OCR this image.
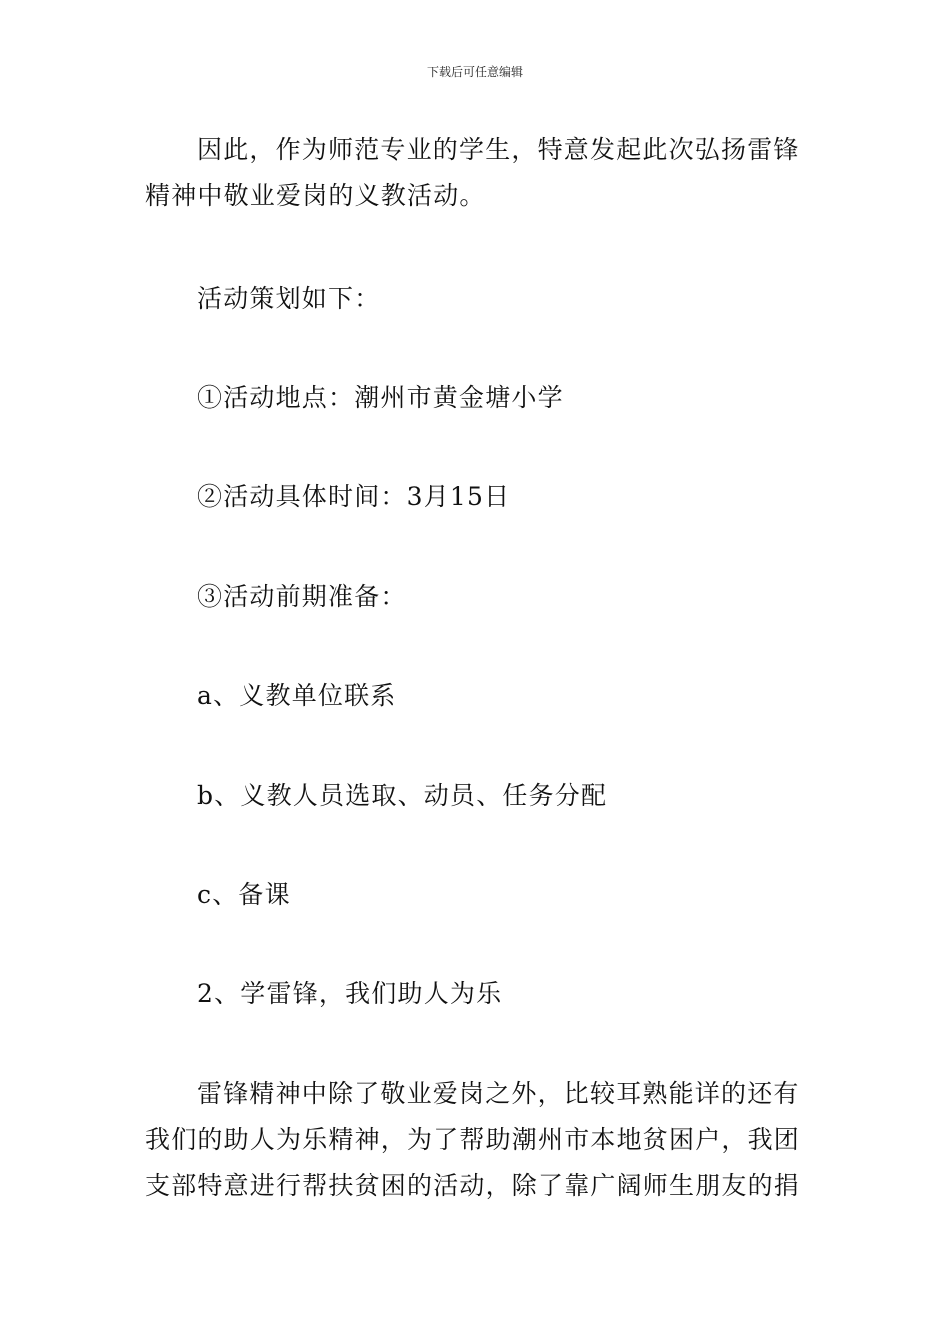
下载后可任意编辑

因此，作为师范专业的学生，特意发起此次弘扬雷锋精神中敬业爱岗的义教活动。

活动策划如下：

①活动地点：潮州市黄金塘小学

②活动具体时间：3月15日

③活动前期准备：

a、义教单位联系

b、义教人员选取、动员、任务分配

c、备课

2、学雷锋，我们助人为乐

雷锋精神中除了敬业爱岗之外，比较耳熟能详的还有我们的助人为乐精神，为了帮助潮州市本地贫困户，我团支部特意进行帮扶贫困的活动，除了靠广阔师生朋友的捐
